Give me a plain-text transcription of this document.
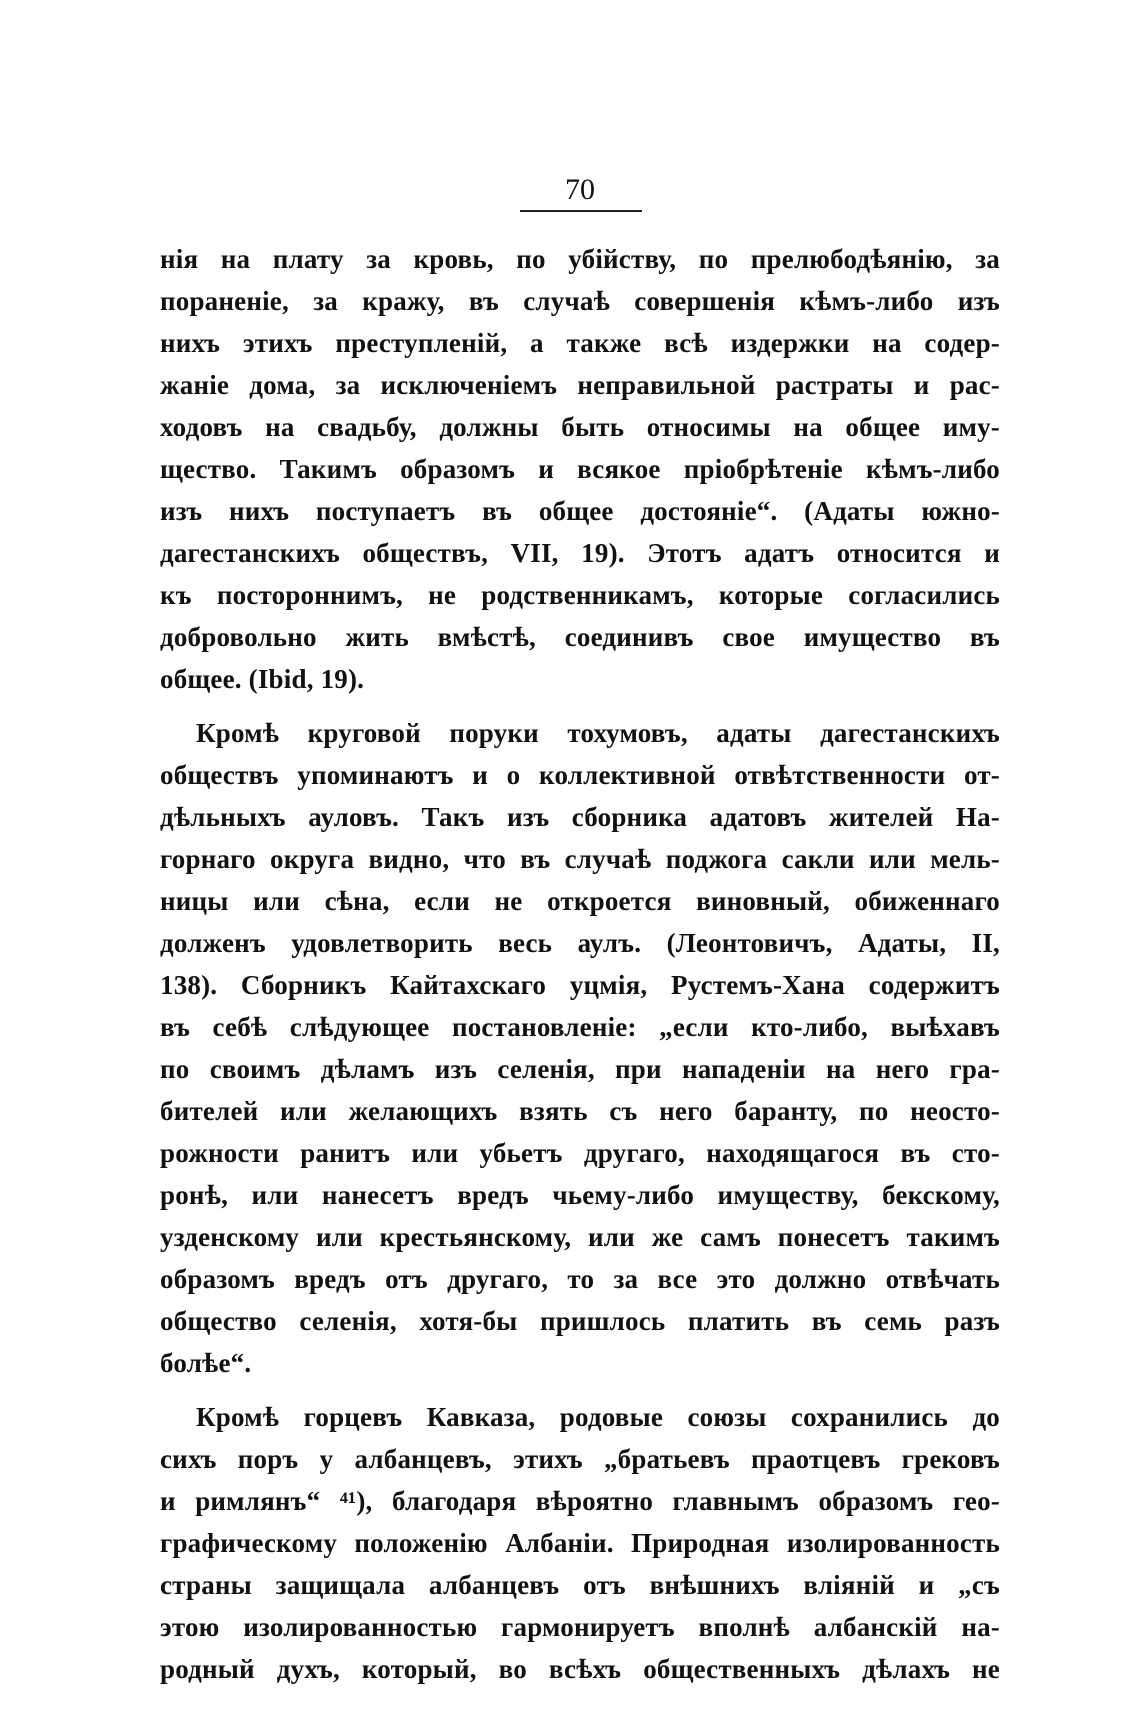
70
нія на плату за кровь, по убійству, по прелюбодѣянію, за
пораненіе, за кражу, въ случаѣ совершенія кѣмъ-либо изъ
нихъ этихъ преступленій, а также всѣ издержки на содер-
жаніе дома, за исключеніемъ неправильной растраты и рас-
ходовъ на свадьбу, должны быть относимы на общее иму-
щество. Такимъ образомъ и всякое пріобрѣтеніе кѣмъ-либо
изъ нихъ поступаетъ въ общее достояніе“. (Адаты южно-
дагестанскихъ обществъ, VII, 19). Этотъ адатъ относится и
къ постороннимъ, не родственникамъ, которые согласились
добровольно жить вмѣстѣ, соединивъ свое имущество въ
общее. (Ibid, 19).
Кромѣ круговой поруки тохумовъ, адаты дагестанскихъ
обществъ упоминаютъ и о коллективной отвѣтственности от-
дѣльныхъ ауловъ. Такъ изъ сборника адатовъ жителей На-
горнаго округа видно, что въ случаѣ поджога сакли или мель-
ницы или сѣна, если не откроется виновный, обиженнаго
долженъ удовлетворить весь аулъ. (Леонтовичъ, Адаты, II,
138). Сборникъ Кайтахскаго уцмія, Рустемъ-Хана содержитъ
въ себѣ слѣдующее постановленіе: „если кто-либо, выѣхавъ
по своимъ дѣламъ изъ селенія, при нападеніи на него гра-
бителей или желающихъ взять съ него баранту, по неосто-
рожности ранитъ или убьетъ другаго, находящагося въ сто-
ронѣ, или нанесетъ вредъ чьему-либо имуществу, бекскому,
узденскому или крестьянскому, или же самъ понесетъ такимъ
образомъ вредъ отъ другаго, то за все это должно отвѣчать
общество селенія, хотя-бы пришлось платить въ семь разъ
болѣе“.
Кромѣ горцевъ Кавказа, родовые союзы сохранились до
сихъ поръ у албанцевъ, этихъ „братьевъ праотцевъ грековъ
и римлянъ“ ⁴¹), благодаря вѣроятно главнымъ образомъ гео-
графическому положенію Албаніи. Природная изолированность
страны защищала албанцевъ отъ внѣшнихъ вліяній и „съ
этою изолированностью гармонируетъ вполнѣ албанскій на-
родный духъ, который, во всѣхъ общественныхъ дѣлахъ не
